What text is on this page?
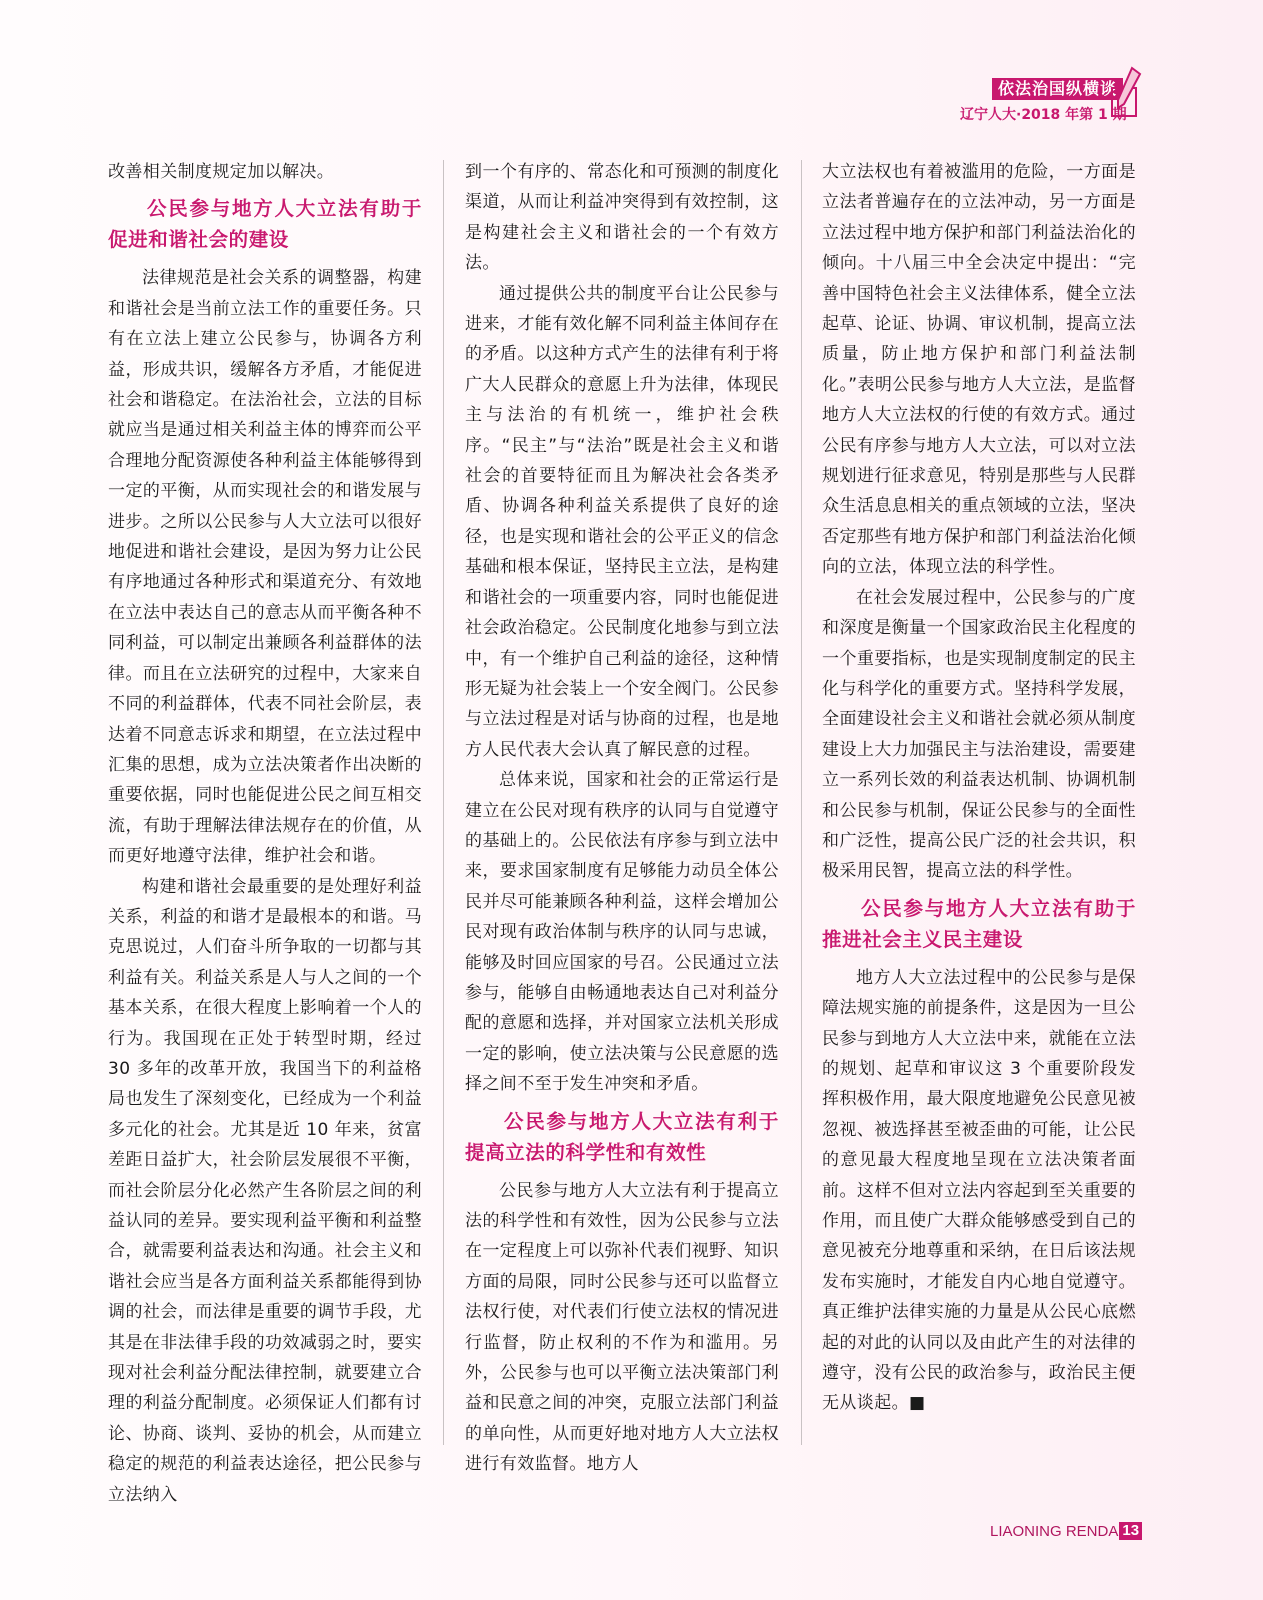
依法治国纵横谈
辽宁人大·2018 年第 1 期

改善相关制度规定加以解决。

公民参与地方人大立法有助于促进和谐社会的建设

法律规范是社会关系的调整器，构建和谐社会是当前立法工作的重要任务。只有在立法上建立公民参与，协调各方利益，形成共识，缓解各方矛盾，才能促进社会和谐稳定。在法治社会，立法的目标就应当是通过相关利益主体的博弈而公平合理地分配资源使各种利益主体能够得到一定的平衡，从而实现社会的和谐发展与进步。之所以公民参与人大立法可以很好地促进和谐社会建设，是因为努力让公民有序地通过各种形式和渠道充分、有效地在立法中表达自己的意志从而平衡各种不同利益，可以制定出兼顾各利益群体的法律。而且在立法研究的过程中，大家来自不同的利益群体，代表不同社会阶层，表达着不同意志诉求和期望，在立法过程中汇集的思想，成为立法决策者作出决断的重要依据，同时也能促进公民之间互相交流，有助于理解法律法规存在的价值，从而更好地遵守法律，维护社会和谐。

构建和谐社会最重要的是处理好利益关系，利益的和谐才是最根本的和谐。马克思说过，人们奋斗所争取的一切都与其利益有关。利益关系是人与人之间的一个基本关系，在很大程度上影响着一个人的行为。我国现在正处于转型时期，经过 30 多年的改革开放，我国当下的利益格局也发生了深刻变化，已经成为一个利益多元化的社会。尤其是近 10 年来，贫富差距日益扩大，社会阶层发展很不平衡，而社会阶层分化必然产生各阶层之间的利益认同的差异。要实现利益平衡和利益整合，就需要利益表达和沟通。社会主义和谐社会应当是各方面利益关系都能得到协调的社会，而法律是重要的调节手段，尤其是在非法律手段的功效减弱之时，要实现对社会利益分配法律控制，就要建立合理的利益分配制度。必须保证人们都有讨论、协商、谈判、妥协的机会，从而建立稳定的规范的利益表达途径，把公民参与立法纳入

到一个有序的、常态化和可预测的制度化渠道，从而让利益冲突得到有效控制，这是构建社会主义和谐社会的一个有效方法。

通过提供公共的制度平台让公民参与进来，才能有效化解不同利益主体间存在的矛盾。以这种方式产生的法律有利于将广大人民群众的意愿上升为法律，体现民主与法治的有机统一，维护社会秩序。“民主”与“法治”既是社会主义和谐社会的首要特征而且为解决社会各类矛盾、协调各种利益关系提供了良好的途径，也是实现和谐社会的公平正义的信念基础和根本保证，坚持民主立法，是构建和谐社会的一项重要内容，同时也能促进社会政治稳定。公民制度化地参与到立法中，有一个维护自己利益的途径，这种情形无疑为社会装上一个安全阀门。公民参与立法过程是对话与协商的过程，也是地方人民代表大会认真了解民意的过程。

总体来说，国家和社会的正常运行是建立在公民对现有秩序的认同与自觉遵守的基础上的。公民依法有序参与到立法中来，要求国家制度有足够能力动员全体公民并尽可能兼顾各种利益，这样会增加公民对现有政治体制与秩序的认同与忠诚，能够及时回应国家的号召。公民通过立法参与，能够自由畅通地表达自己对利益分配的意愿和选择，并对国家立法机关形成一定的影响，使立法决策与公民意愿的选择之间不至于发生冲突和矛盾。

公民参与地方人大立法有利于提高立法的科学性和有效性

公民参与地方人大立法有利于提高立法的科学性和有效性，因为公民参与立法在一定程度上可以弥补代表们视野、知识方面的局限，同时公民参与还可以监督立法权行使，对代表们行使立法权的情况进行监督，防止权利的不作为和滥用。另外，公民参与也可以平衡立法决策部门利益和民意之间的冲突，克服立法部门利益的单向性，从而更好地对地方人大立法权进行有效监督。地方人

大立法权也有着被滥用的危险，一方面是立法者普遍存在的立法冲动，另一方面是立法过程中地方保护和部门利益法治化的倾向。十八届三中全会决定中提出：“完善中国特色社会主义法律体系，健全立法起草、论证、协调、审议机制，提高立法质量，防止地方保护和部门利益法制化。”表明公民参与地方人大立法，是监督地方人大立法权的行使的有效方式。通过公民有序参与地方人大立法，可以对立法规划进行征求意见，特别是那些与人民群众生活息息相关的重点领域的立法，坚决否定那些有地方保护和部门利益法治化倾向的立法，体现立法的科学性。

在社会发展过程中，公民参与的广度和深度是衡量一个国家政治民主化程度的一个重要指标，也是实现制度制定的民主化与科学化的重要方式。坚持科学发展，全面建设社会主义和谐社会就必须从制度建设上大力加强民主与法治建设，需要建立一系列长效的利益表达机制、协调机制和公民参与机制，保证公民参与的全面性和广泛性，提高公民广泛的社会共识，积极采用民智，提高立法的科学性。

公民参与地方人大立法有助于推进社会主义民主建设

地方人大立法过程中的公民参与是保障法规实施的前提条件，这是因为一旦公民参与到地方人大立法中来，就能在立法的规划、起草和审议这 3 个重要阶段发挥积极作用，最大限度地避免公民意见被忽视、被选择甚至被歪曲的可能，让公民的意见最大程度地呈现在立法决策者面前。这样不但对立法内容起到至关重要的作用，而且使广大群众能够感受到自己的意见被充分地尊重和采纳，在日后该法规发布实施时，才能发自内心地自觉遵守。真正维护法律实施的力量是从公民心底燃起的对此的认同以及由此产生的对法律的遵守，没有公民的政治参与，政治民主便无从谈起。■

LIAONING RENDA 13
